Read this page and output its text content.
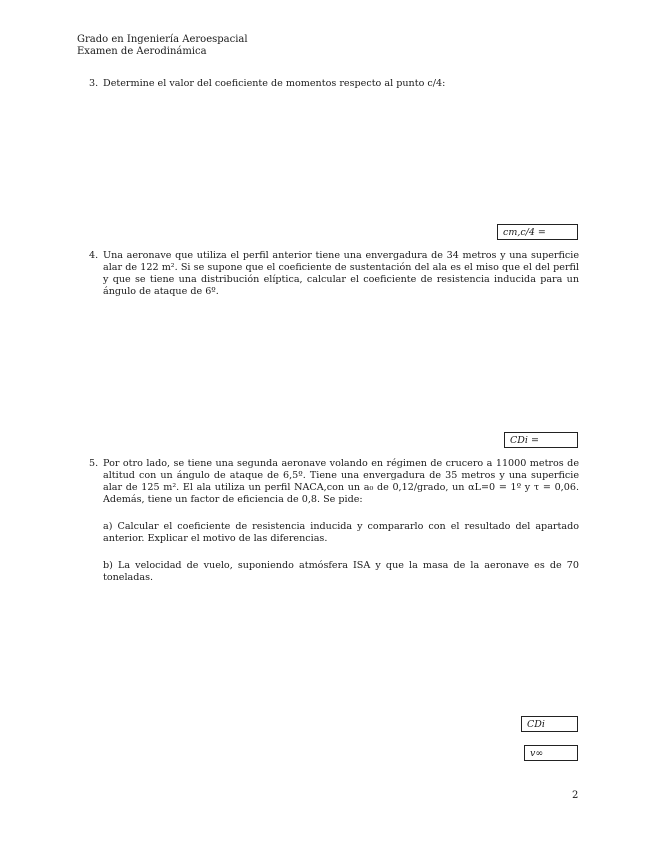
Grado en Ingeniería Aeroespacial
Examen de Aerodinámica
3. Determine el valor del coeficiente de momentos respecto al punto c/4:
cm,c/4 =
4. Una aeronave que utiliza el perfil anterior tiene una envergadura de 34 metros y una superficie alar de 122 m². Si se supone que el coeficiente de sustentación del ala es el miso que el del perfil y que se tiene una distribución elíptica, calcular el coeficiente de resistencia inducida para un ángulo de ataque de 6º.
CDi =
5. Por otro lado, se tiene una segunda aeronave volando en régimen de crucero a 11000 metros de altitud con un ángulo de ataque de 6,5º. Tiene una envergadura de 35 metros y una superficie alar de 125 m². El ala utiliza un perfil NACA,con un a₀ de 0,12/grado, un αL=0 = 1º y τ = 0,06. Además, tiene un factor de eficiencia de 0,8. Se pide:
a) Calcular el coeficiente de resistencia inducida y compararlo con el resultado del apartado anterior. Explicar el motivo de las diferencias.
b) La velocidad de vuelo, suponiendo atmósfera ISA y que la masa de la aeronave es de 70 toneladas.
CDi
v∞
2
